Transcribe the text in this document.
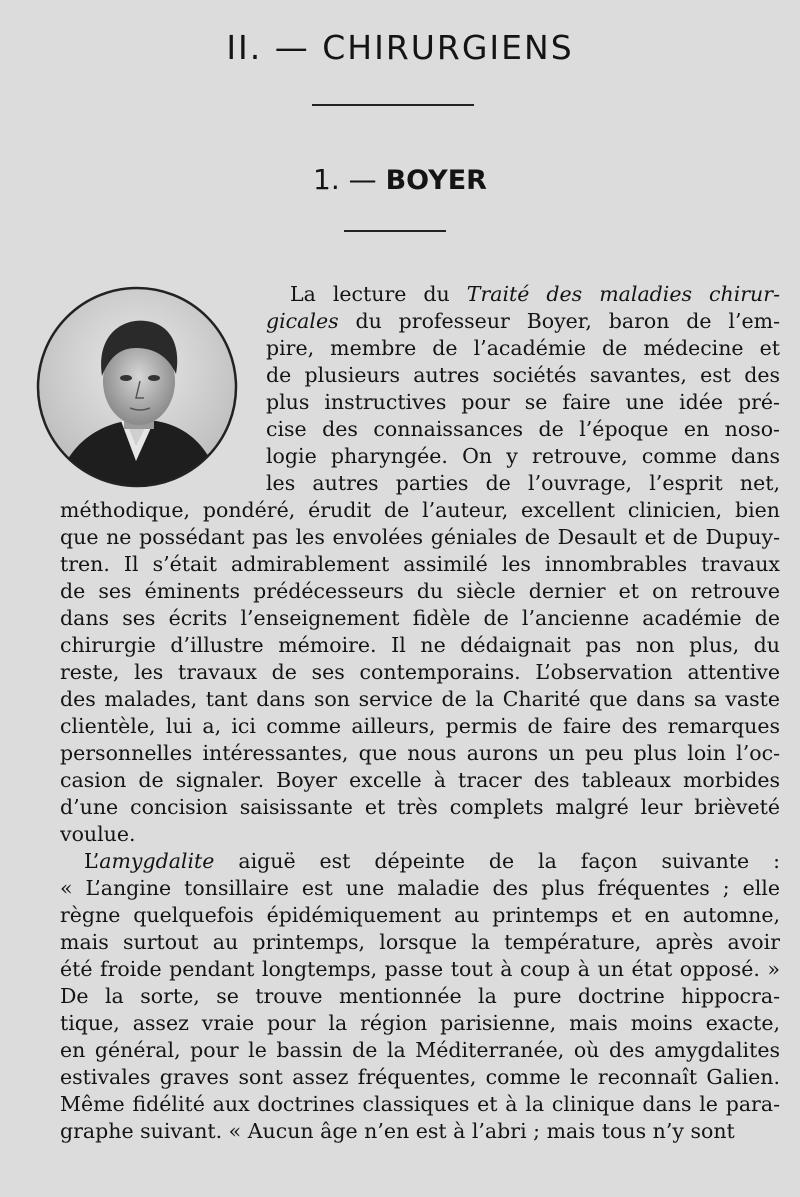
II. — CHIRURGIENS
1. — BOYER
La lecture du Traité des maladies chirur-
gicales du professeur Boyer, baron de l’em-
pire, membre de l’académie de médecine et
de plusieurs autres sociétés savantes, est des
plus instructives pour se faire une idée pré-
cise des connaissances de l’époque en noso-
logie pharyngée. On y retrouve, comme dans
les autres parties de l’ouvrage, l’esprit net,
méthodique, pondéré, érudit de l’auteur, excellent clinicien, bien
que ne possédant pas les envolées géniales de Desault et de Dupuy-
tren. Il s’était admirablement assimilé les innombrables travaux
de ses éminents prédécesseurs du siècle dernier et on retrouve
dans ses écrits l’enseignement fidèle de l’ancienne académie de
chirurgie d’illustre mémoire. Il ne dédaignait pas non plus, du
reste, les travaux de ses contemporains. L’observation attentive
des malades, tant dans son service de la Charité que dans sa vaste
clientèle, lui a, ici comme ailleurs, permis de faire des remarques
personnelles intéressantes, que nous aurons un peu plus loin l’oc-
casion de signaler. Boyer excelle à tracer des tableaux morbides
d’une concision saisissante et très complets malgré leur brièveté
voulue.
L’amygdalite aiguë est dépeinte de la façon suivante :
« L’angine tonsillaire est une maladie des plus fréquentes ; elle
règne quelquefois épidémiquement au printemps et en automne,
mais surtout au printemps, lorsque la température, après avoir
été froide pendant longtemps, passe tout à coup à un état opposé. »
De la sorte, se trouve mentionnée la pure doctrine hippocra-
tique, assez vraie pour la région parisienne, mais moins exacte,
en général, pour le bassin de la Méditerranée, où des amygdalites
estivales graves sont assez fréquentes, comme le reconnaît Galien.
Même fidélité aux doctrines classiques et à la clinique dans le para-
graphe suivant. « Aucun âge n’en est à l’abri ; mais tous n’y sont
